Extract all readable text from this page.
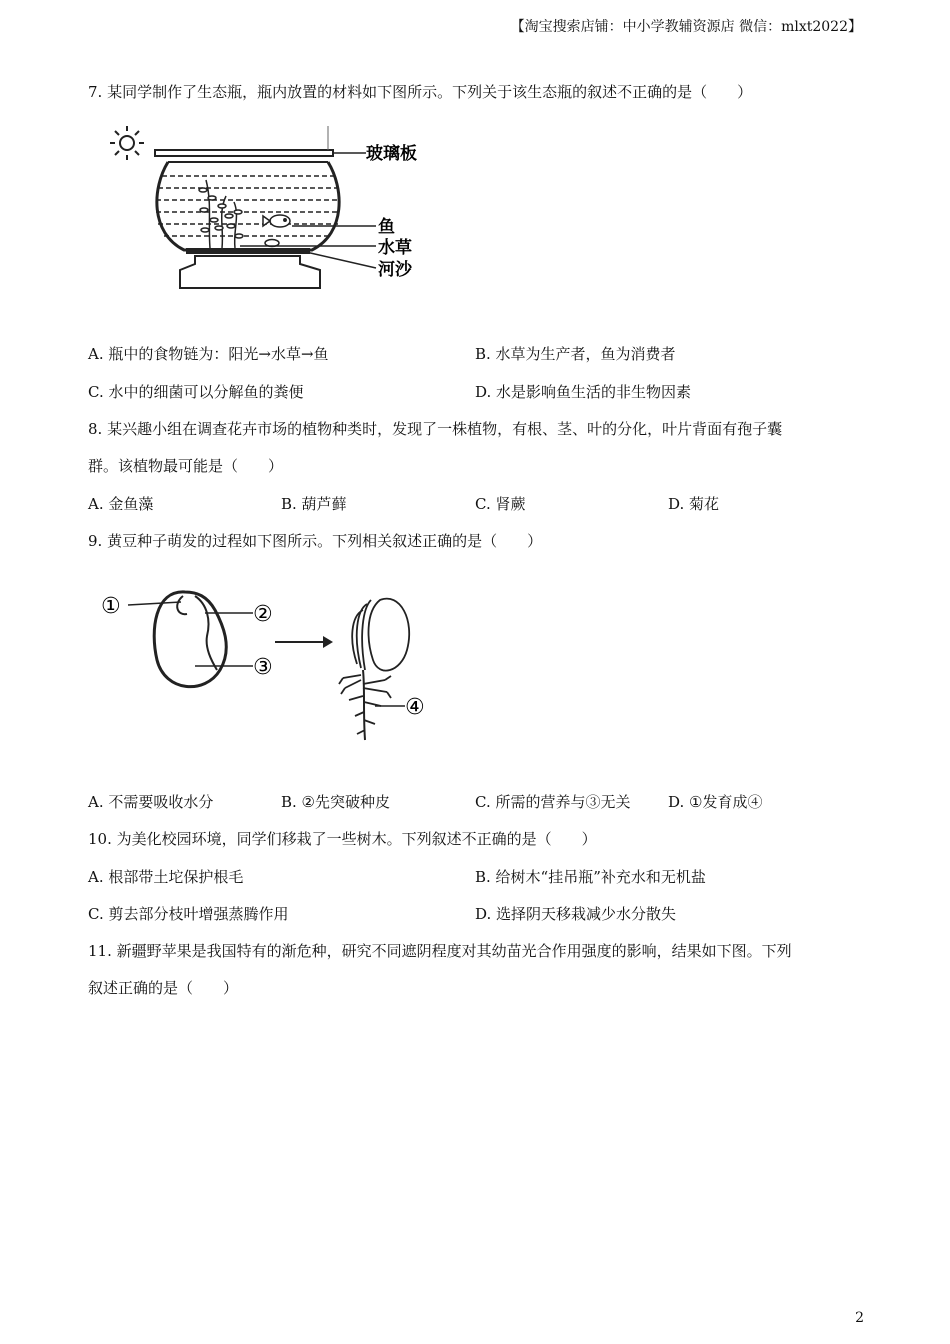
【淘宝搜索店铺：中小学教辅资源店 微信：mlxt2022】
7. 某同学制作了生态瓶，瓶内放置的材料如下图所示。下列关于该生态瓶的叙述不正确的是（　　）
玻璃板
鱼
水草
河沙
A. 瓶中的食物链为：阳光→水草→鱼	B. 水草为生产者，鱼为消费者
C. 水中的细菌可以分解鱼的粪便	D. 水是影响鱼生活的非生物因素
8. 某兴趣小组在调查花卉市场的植物种类时，发现了一株植物，有根、茎、叶的分化，叶片背面有孢子囊
群。该植物最可能是（　　）
A. 金鱼藻	B. 葫芦藓	C. 肾蕨	D. 菊花
9. 黄豆种子萌发的过程如下图所示。下列相关叙述正确的是（　　）
①	②
③
④
A. 不需要吸收水分	B. ②先突破种皮	C. 所需的营养与③无关	D. ①发育成④
10. 为美化校园环境，同学们移栽了一些树木。下列叙述不正确的是（　　）
A. 根部带土坨保护根毛	B. 给树木“挂吊瓶”补充水和无机盐
C. 剪去部分枝叶增强蒸腾作用	D. 选择阴天移栽减少水分散失
11. 新疆野苹果是我国特有的渐危种，研究不同遮阴程度对其幼苗光合作用强度的影响，结果如下图。下列
叙述正确的是（　　）
2
